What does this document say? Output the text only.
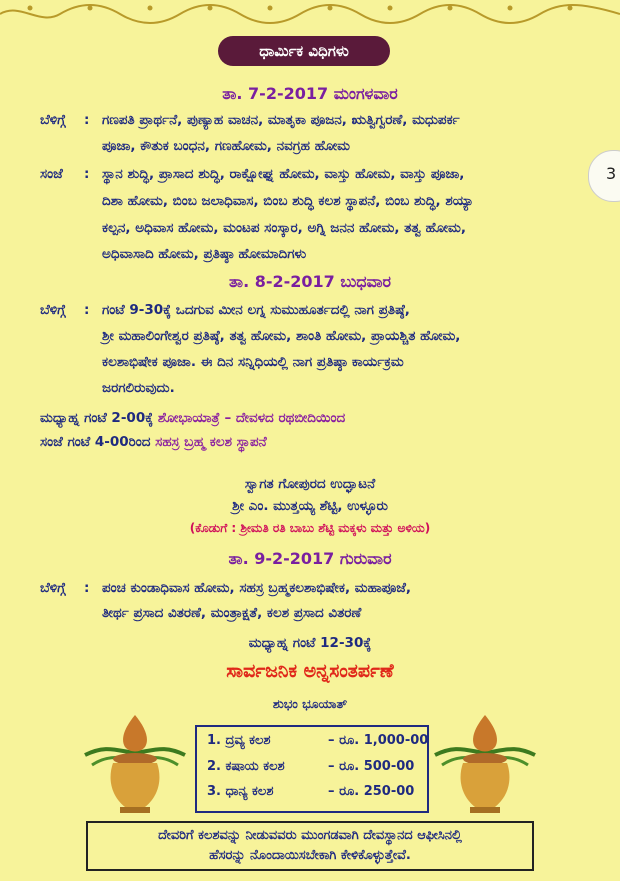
ಧಾರ್ಮಿಕ ವಿಧಿಗಳು
3
ತಾ. 7-2-2017 ಮಂಗಳವಾರ
ಬೆಳಿಗ್ಗೆ : ಗಣಪತಿ ಪ್ರಾರ್ಥನೆ, ಪುಣ್ಯಾಹ ವಾಚನ, ಮಾತೃಕಾ ಪೂಜನ, ಋತ್ವಿಗ್ವರಣೆ, ಮಧುಪರ್ಕ
ಪೂಜಾ, ಕೌತುಕ ಬಂಧನ, ಗಣಹೋಮ, ನವಗ್ರಹ ಹೋಮ
ಸಂಜೆ : ಸ್ಥಾನ ಶುದ್ಧಿ, ಪ್ರಾಸಾದ ಶುದ್ಧಿ, ರಾಕ್ಷೋಘ್ನ ಹೋಮ, ವಾಸ್ತು ಹೋಮ, ವಾಸ್ತು ಪೂಜಾ,
ದಿಶಾ ಹೋಮ, ಬಿಂಬ ಜಲಾಧಿವಾಸ, ಬಿಂಬ ಶುದ್ಧಿ ಕಲಶ ಸ್ಥಾಪನೆ, ಬಿಂಬ ಶುದ್ಧಿ, ಶಯ್ಯಾ
ಕಲ್ಪನ, ಅಧಿವಾಸ ಹೋಮ, ಮಂಟಪ ಸಂಸ್ಕಾರ, ಅಗ್ನಿ ಜನನ ಹೋಮ, ತತ್ವ ಹೋಮ,
ಅಧಿವಾಸಾದಿ ಹೋಮ, ಪ್ರತಿಷ್ಠಾ ಹೋಮಾದಿಗಳು
ತಾ. 8-2-2017 ಬುಧವಾರ
ಬೆಳಿಗ್ಗೆ : ಗಂಟೆ 9-30ಕ್ಕೆ ಒದಗುವ ಮೀನ ಲಗ್ನ ಸುಮುಹೂರ್ತದಲ್ಲಿ ನಾಗ ಪ್ರತಿಷ್ಠೆ,
ಶ್ರೀ ಮಹಾಲಿಂಗೇಶ್ವರ ಪ್ರತಿಷ್ಠೆ, ತತ್ವ ಹೋಮ, ಶಾಂತಿ ಹೋಮ, ಪ್ರಾಯಶ್ಚಿತ ಹೋಮ,
ಕಲಶಾಭಿಷೇಕ ಪೂಜಾ. ಈ ದಿನ ಸನ್ನಿಧಿಯಲ್ಲಿ ನಾಗ ಪ್ರತಿಷ್ಠಾ ಕಾರ್ಯಕ್ರಮ
ಜರಗಲಿರುವುದು.
ಮಧ್ಯಾಹ್ನ ಗಂಟೆ 2-00ಕ್ಕೆ ಶೋಭಾಯಾತ್ರೆ – ದೇವಳದ ರಥಬೀದಿಯಿಂದ
ಸಂಜೆ ಗಂಟೆ 4-00ರಿಂದ ಸಹಸ್ರ ಬ್ರಹ್ಮ ಕಲಶ ಸ್ಥಾಪನೆ
ಸ್ವಾಗತ ಗೋಪುರದ ಉದ್ಘಾಟನೆ
ಶ್ರೀ ಎಂ. ಮುತ್ತಯ್ಯ ಶೆಟ್ಟಿ, ಉಳ್ಳೂರು
(ಕೊಡುಗೆ : ಶ್ರೀಮತಿ ರತಿ ಬಾಬು ಶೆಟ್ಟಿ ಮಕ್ಕಳು ಮತ್ತು ಅಳಿಯ)
ತಾ. 9-2-2017 ಗುರುವಾರ
ಬೆಳಿಗ್ಗೆ : ಪಂಚ ಕುಂಡಾಧಿವಾಸ ಹೋಮ, ಸಹಸ್ರ ಬ್ರಹ್ಮಕಲಶಾಭಿಷೇಕ, ಮಹಾಪೂಜೆ,
ತೀರ್ಥ ಪ್ರಸಾದ ವಿತರಣೆ, ಮಂತ್ರಾಕ್ಷತೆ, ಕಲಶ ಪ್ರಸಾದ ವಿತರಣೆ
ಮಧ್ಯಾಹ್ನ ಗಂಟೆ 12-30ಕ್ಕೆ
ಸಾರ್ವಜನಿಕ ಅನ್ನಸಂತರ್ಪಣೆ
ಶುಭಂ ಭೂಯಾತ್
1. ದ್ರವ್ಯ ಕಲಶ	– ರೂ. 1,000-00
2. ಕಷಾಯ ಕಲಶ	– ರೂ. 500-00
3. ಧಾನ್ಯ ಕಲಶ	– ರೂ. 250-00
ದೇವರಿಗೆ ಕಲಶವನ್ನು ನೀಡುವವರು ಮುಂಗಡವಾಗಿ ದೇವಸ್ಥಾನದ ಆಫೀಸಿನಲ್ಲಿ
ಹೆಸರನ್ನು ನೊಂದಾಯಿಸಬೇಕಾಗಿ ಕೇಳಿಕೊಳ್ಳುತ್ತೇವೆ.
